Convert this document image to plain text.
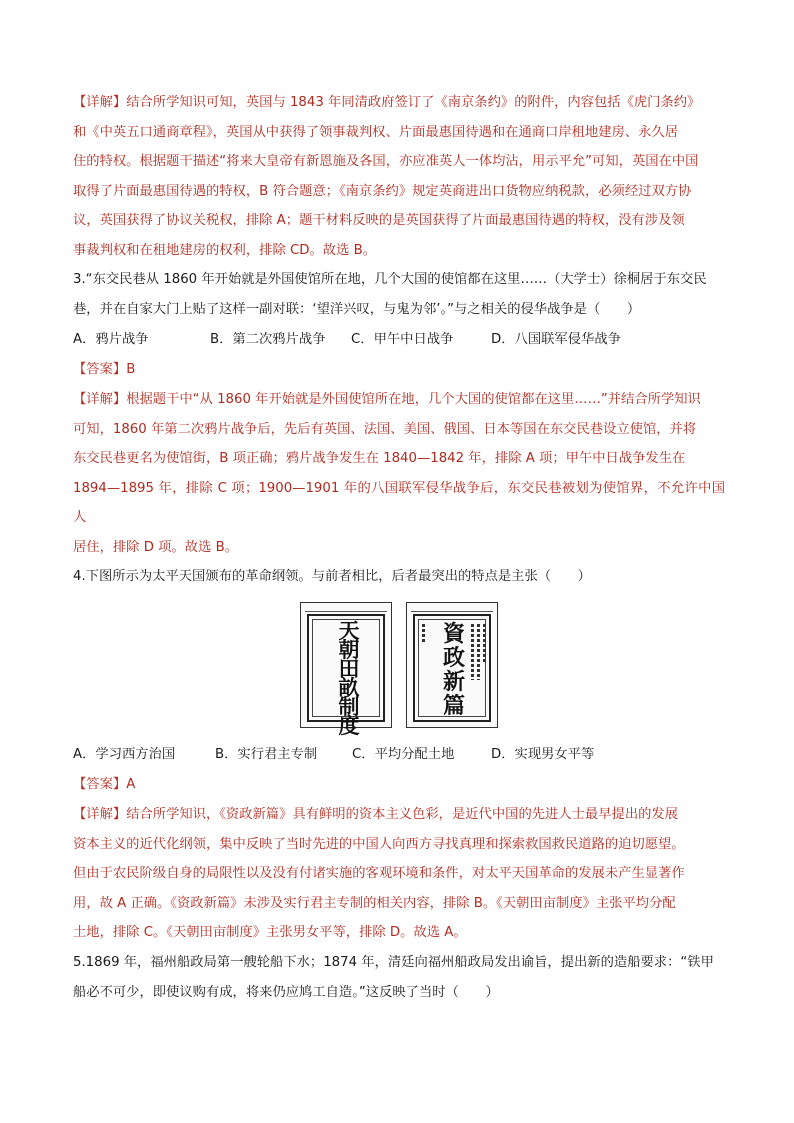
【详解】结合所学知识可知，英国与 1843 年同清政府签订了《南京条约》的附件，内容包括《虎门条约》

和《中英五口通商章程》，英国从中获得了领事裁判权、片面最惠国待遇和在通商口岸租地建房、永久居

住的特权。根据题干描述“将来大皇帝有新恩施及各国，亦应准英人一体均沾，用示平允”可知，英国在中国

取得了片面最惠国待遇的特权，B 符合题意；《南京条约》规定英商进出口货物应纳税款，必须经过双方协

议，英国获得了协议关税权，排除 A；题干材料反映的是英国获得了片面最惠国待遇的特权，没有涉及领

事裁判权和在租地建房的权利，排除 CD。故选 B。

3.“东交民巷从 1860 年开始就是外国使馆所在地，几个大国的使馆都在这里……（大学士）徐桐居于东交民

巷，并在自家大门上贴了这样一副对联：‘望洋兴叹，与鬼为邻’。”与之相关的侵华战争是（　　）

A．鸦片战争	B．第二次鸦片战争	C．甲午中日战争	D．八国联军侵华战争

【答案】B

【详解】根据题干中“从 1860 年开始就是外国使馆所在地，几个大国的使馆都在这里……”并结合所学知识

可知，1860 年第二次鸦片战争后，先后有英国、法国、美国、俄国、日本等国在东交民巷设立使馆，并将

东交民巷更名为使馆街，B 项正确；鸦片战争发生在 1840—1842 年，排除 A 项；甲午中日战争发生在

1894—1895 年，排除 C 项；1900—1901 年的八国联军侵华战争后，东交民巷被划为使馆界，不允许中国人

居住，排除 D 项。故选 B。

4.下图所示为太平天国颁布的革命纲领。与前者相比，后者最突出的特点是主张（　　）

天朝田畝制度
資政新篇
A．学习西方治国	B．实行君主专制	C．平均分配土地	D．实现男女平等

【答案】A

【详解】结合所学知识，《资政新篇》具有鲜明的资本主义色彩，是近代中国的先进人士最早提出的发展

资本主义的近代化纲领，集中反映了当时先进的中国人向西方寻找真理和探索救国救民道路的迫切愿望。

但由于农民阶级自身的局限性以及没有付诸实施的客观环境和条件，对太平天国革命的发展未产生显著作

用，故 A 正确。《资政新篇》未涉及实行君主专制的相关内容，排除 B。《天朝田亩制度》主张平均分配

土地，排除 C。《天朝田亩制度》主张男女平等，排除 D。故选 A。

5.1869 年，福州船政局第一艘轮船下水；1874 年，清廷向福州船政局发出谕旨，提出新的造船要求：“铁甲

船必不可少，即使议购有成，将来仍应鸠工自造。”这反映了当时（　　）
